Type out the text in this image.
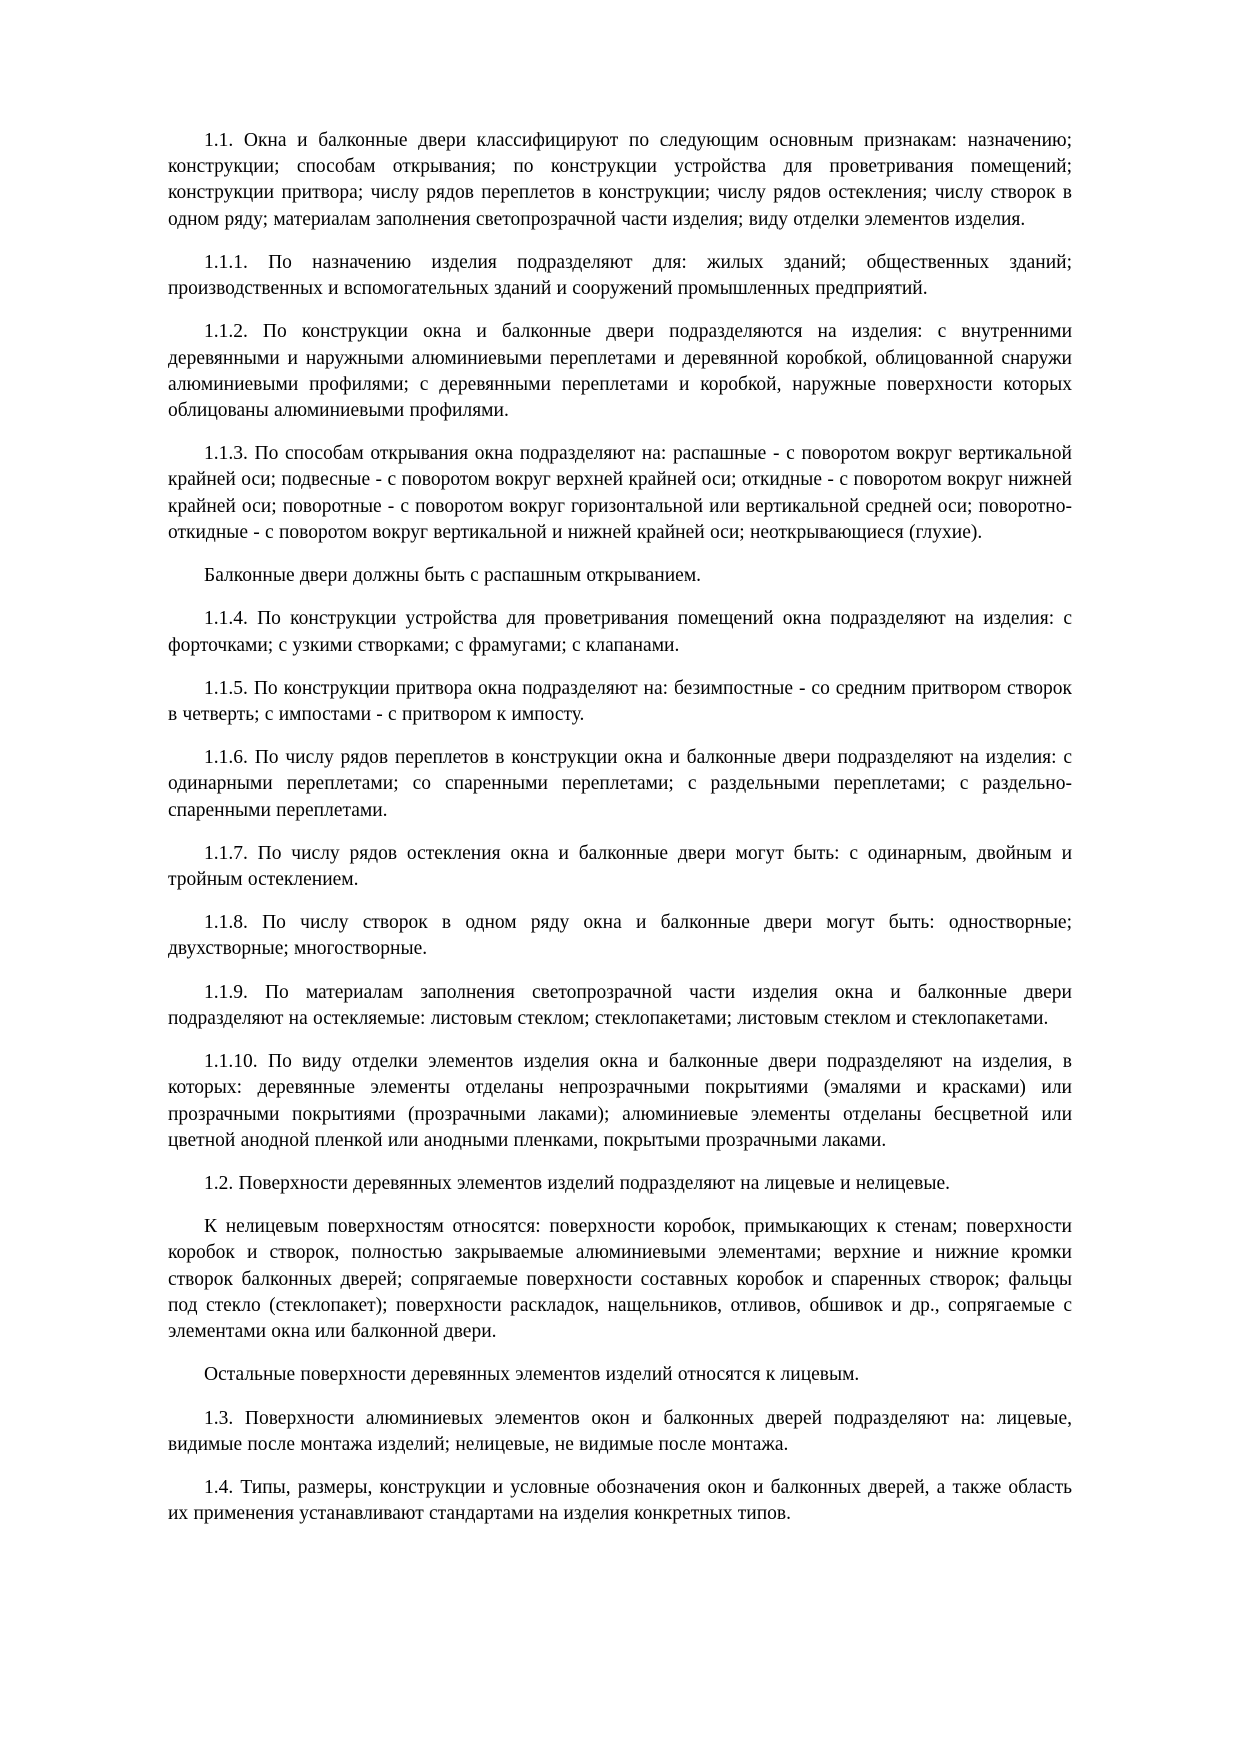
1.1. Окна и балконные двери классифицируют по следующим основным признакам: назначению; конструкции; способам открывания; по конструкции устройства для проветривания помещений; конструкции притвора; числу рядов переплетов в конструкции; числу рядов остекления; числу створок в одном ряду; материалам заполнения светопрозрачной части изделия; виду отделки элементов изделия.

1.1.1. По назначению изделия подразделяют для: жилых зданий; общественных зданий; производственных и вспомогательных зданий и сооружений промышленных предприятий.

1.1.2. По конструкции окна и балконные двери подразделяются на изделия: с внутренними деревянными и наружными алюминиевыми переплетами и деревянной коробкой, облицованной снаружи алюминиевыми профилями; с деревянными переплетами и коробкой, наружные поверхности которых облицованы алюминиевыми профилями.

1.1.3. По способам открывания окна подразделяют на: распашные - с поворотом вокруг вертикальной крайней оси; подвесные - с поворотом вокруг верхней крайней оси; откидные - с поворотом вокруг нижней крайней оси; поворотные - с поворотом вокруг горизонтальной или вертикальной средней оси; поворотно-откидные - с поворотом вокруг вертикальной и нижней крайней оси; неоткрывающиеся (глухие).

Балконные двери должны быть с распашным открыванием.

1.1.4. По конструкции устройства для проветривания помещений окна подразделяют на изделия: с форточками; с узкими створками; с фрамугами; с клапанами.

1.1.5. По конструкции притвора окна подразделяют на: безимпостные - со средним притвором створок в четверть; с импостами - с притвором к импосту.

1.1.6. По числу рядов переплетов в конструкции окна и балконные двери подразделяют на изделия: с одинарными переплетами; со спаренными переплетами; с раздельными переплетами; с раздельно-спаренными переплетами.

1.1.7. По числу рядов остекления окна и балконные двери могут быть: с одинарным, двойным и тройным остеклением.

1.1.8. По числу створок в одном ряду окна и балконные двери могут быть: одностворные; двухстворные; многостворные.

1.1.9. По материалам заполнения светопрозрачной части изделия окна и балконные двери подразделяют на остекляемые: листовым стеклом; стеклопакетами; листовым стеклом и стеклопакетами.

1.1.10. По виду отделки элементов изделия окна и балконные двери подразделяют на изделия, в которых: деревянные элементы отделаны непрозрачными покрытиями (эмалями и красками) или прозрачными покрытиями (прозрачными лаками); алюминиевые элементы отделаны бесцветной или цветной анодной пленкой или анодными пленками, покрытыми прозрачными лаками.

1.2. Поверхности деревянных элементов изделий подразделяют на лицевые и нелицевые.

К нелицевым поверхностям относятся: поверхности коробок, примыкающих к стенам; поверхности коробок и створок, полностью закрываемые алюминиевыми элементами; верхние и нижние кромки створок балконных дверей; сопрягаемые поверхности составных коробок и спаренных створок; фальцы под стекло (стеклопакет); поверхности раскладок, нащельников, отливов, обшивок и др., сопрягаемые с элементами окна или балконной двери.

Остальные поверхности деревянных элементов изделий относятся к лицевым.

1.3. Поверхности алюминиевых элементов окон и балконных дверей подразделяют на: лицевые, видимые после монтажа изделий; нелицевые, не видимые после монтажа.

1.4. Типы, размеры, конструкции и условные обозначения окон и балконных дверей, а также область их применения устанавливают стандартами на изделия конкретных типов.
